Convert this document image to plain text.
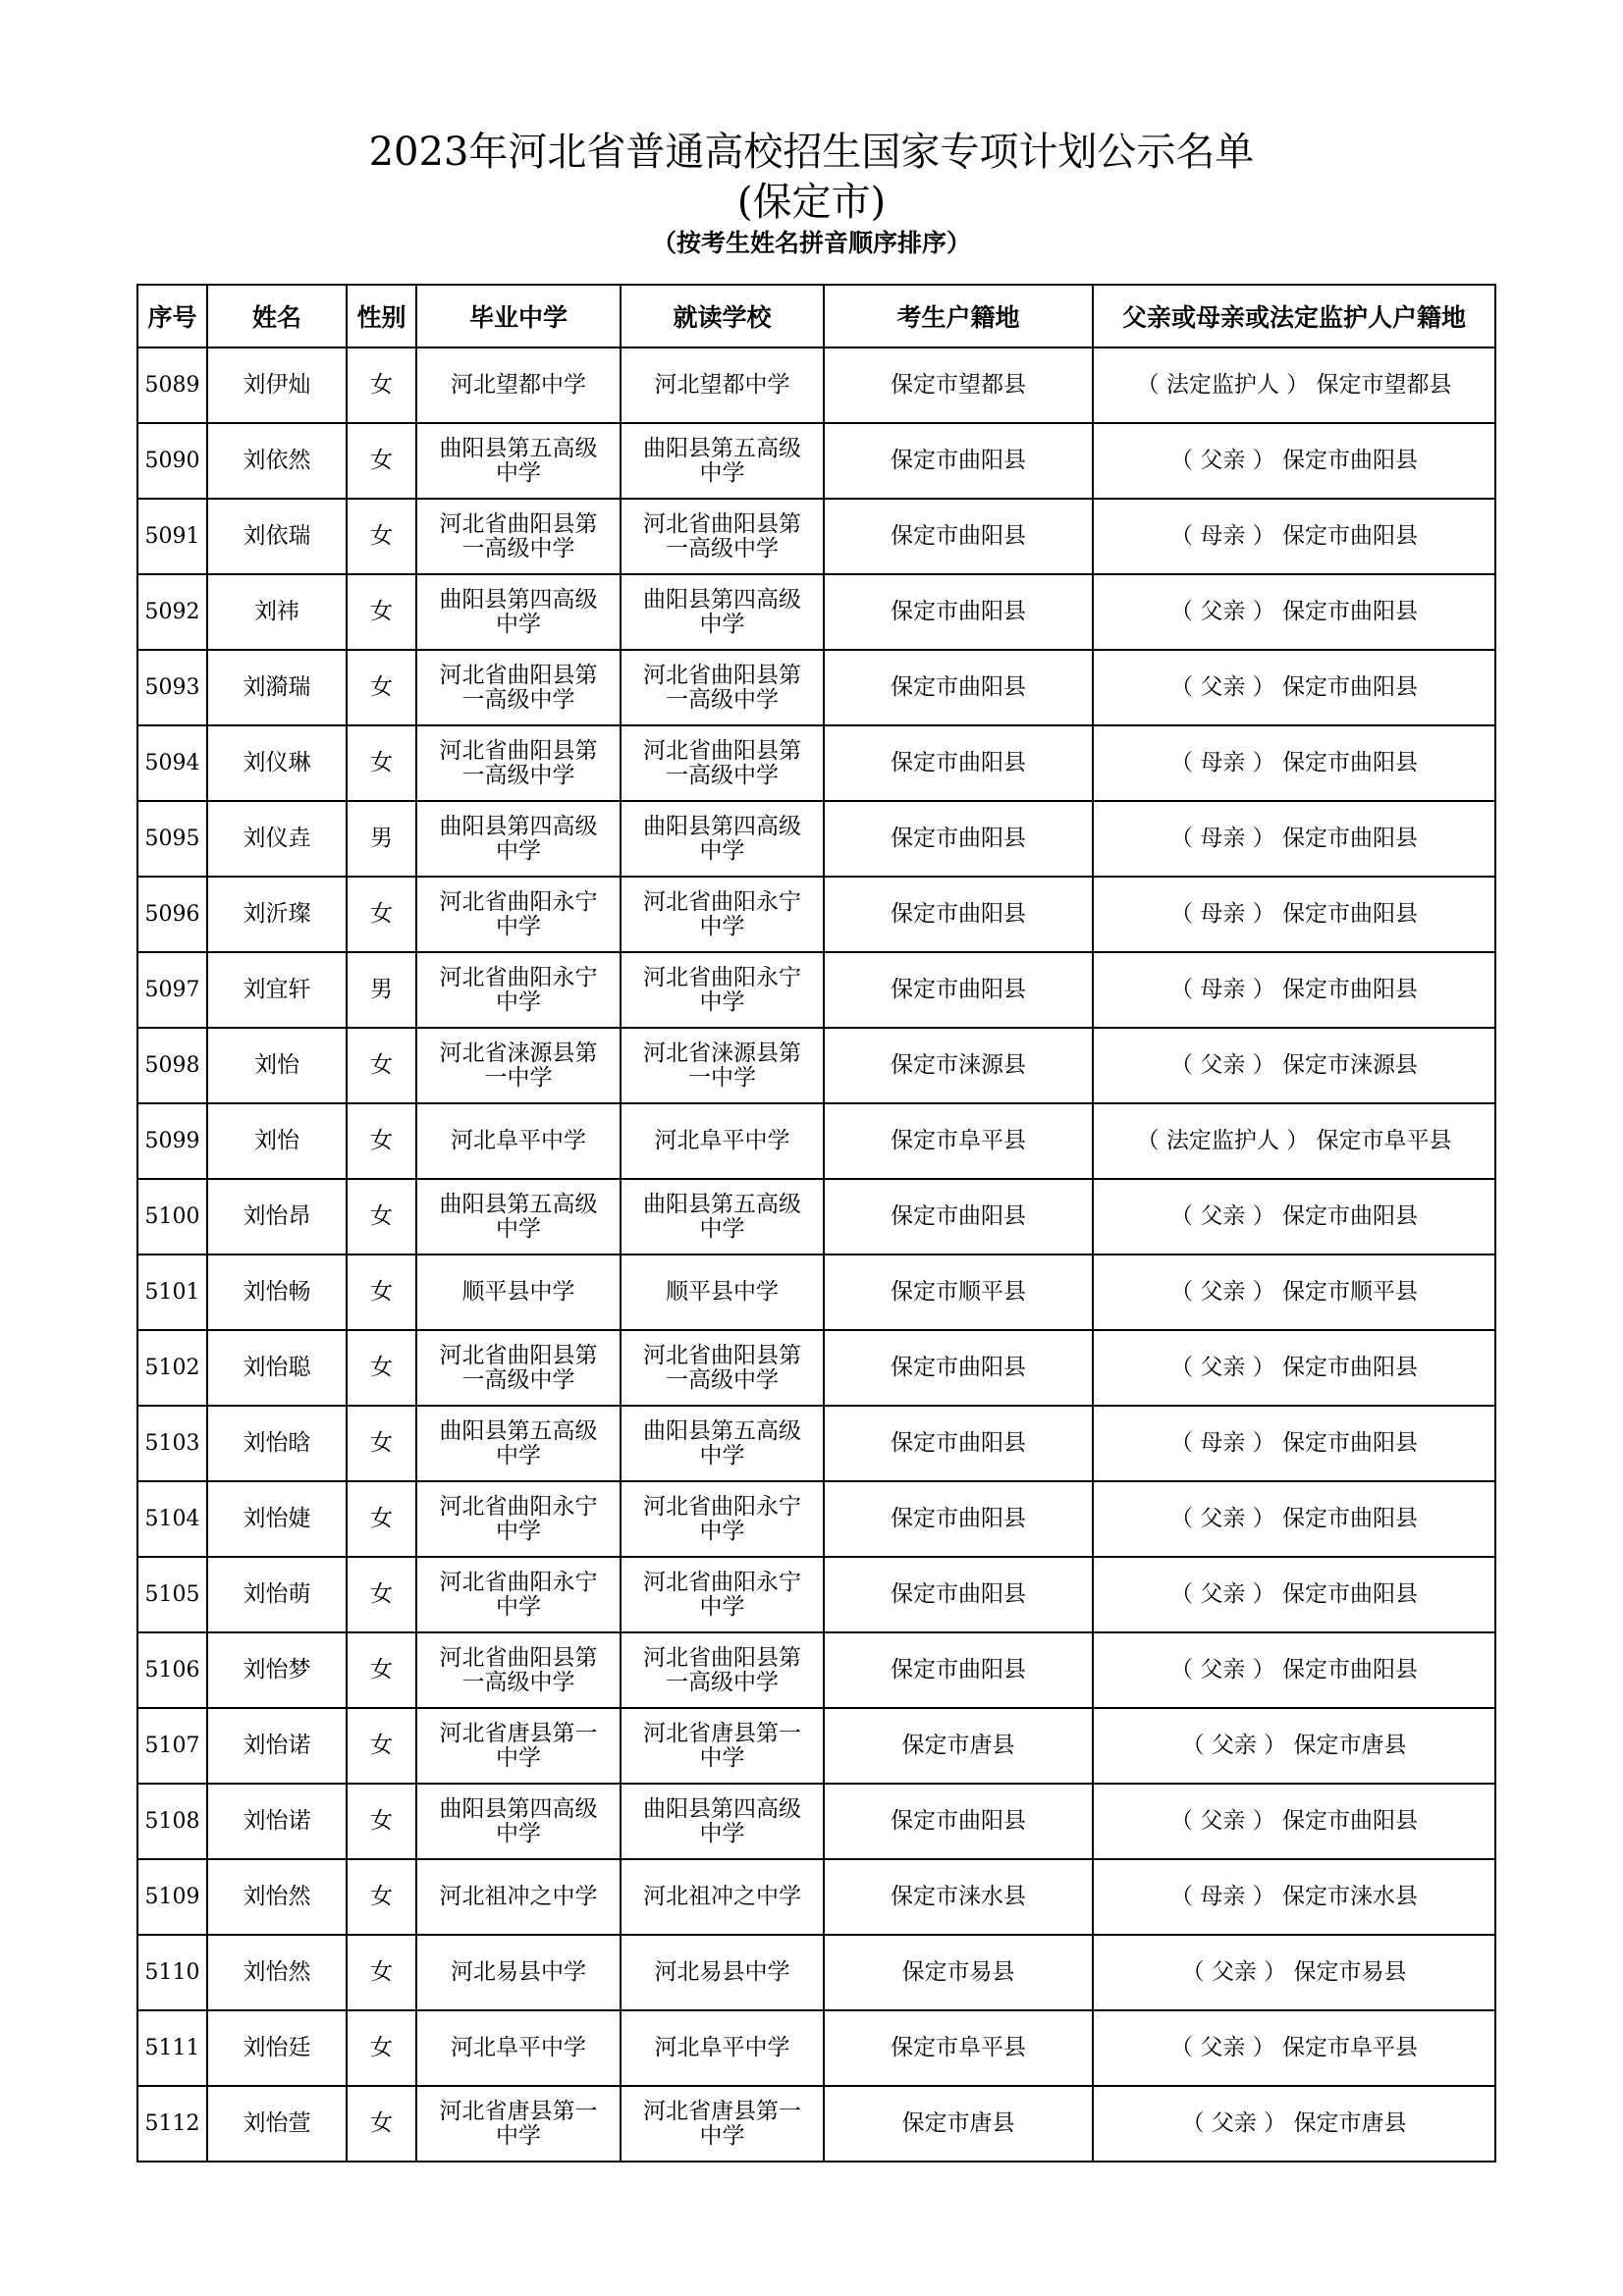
2023年河北省普通高校招生国家专项计划公示名单
(保定市)
（按考生姓名拼音顺序排序）
序号	姓名	性别	毕业中学	就读学校	考生户籍地	父亲或母亲或法定监护人户籍地
5089	刘伊灿	女	河北望都中学	河北望都中学	保定市望都县	（ 法定监护人 ） 保定市望都县
5090	刘依然	女	曲阳县第五高级中学	曲阳县第五高级中学	保定市曲阳县	（ 父亲 ） 保定市曲阳县
5091	刘依瑞	女	河北省曲阳县第一高级中学	河北省曲阳县第一高级中学	保定市曲阳县	（ 母亲 ） 保定市曲阳县
5092	刘祎	女	曲阳县第四高级中学	曲阳县第四高级中学	保定市曲阳县	（ 父亲 ） 保定市曲阳县
5093	刘漪瑞	女	河北省曲阳县第一高级中学	河北省曲阳县第一高级中学	保定市曲阳县	（ 父亲 ） 保定市曲阳县
5094	刘仪琳	女	河北省曲阳县第一高级中学	河北省曲阳县第一高级中学	保定市曲阳县	（ 母亲 ） 保定市曲阳县
5095	刘仪垚	男	曲阳县第四高级中学	曲阳县第四高级中学	保定市曲阳县	（ 母亲 ） 保定市曲阳县
5096	刘沂璨	女	河北省曲阳永宁中学	河北省曲阳永宁中学	保定市曲阳县	（ 母亲 ） 保定市曲阳县
5097	刘宜轩	男	河北省曲阳永宁中学	河北省曲阳永宁中学	保定市曲阳县	（ 母亲 ） 保定市曲阳县
5098	刘怡	女	河北省涞源县第一中学	河北省涞源县第一中学	保定市涞源县	（ 父亲 ） 保定市涞源县
5099	刘怡	女	河北阜平中学	河北阜平中学	保定市阜平县	（ 法定监护人 ） 保定市阜平县
5100	刘怡昂	女	曲阳县第五高级中学	曲阳县第五高级中学	保定市曲阳县	（ 父亲 ） 保定市曲阳县
5101	刘怡畅	女	顺平县中学	顺平县中学	保定市顺平县	（ 父亲 ） 保定市顺平县
5102	刘怡聪	女	河北省曲阳县第一高级中学	河北省曲阳县第一高级中学	保定市曲阳县	（ 父亲 ） 保定市曲阳县
5103	刘怡晗	女	曲阳县第五高级中学	曲阳县第五高级中学	保定市曲阳县	（ 母亲 ） 保定市曲阳县
5104	刘怡婕	女	河北省曲阳永宁中学	河北省曲阳永宁中学	保定市曲阳县	（ 父亲 ） 保定市曲阳县
5105	刘怡萌	女	河北省曲阳永宁中学	河北省曲阳永宁中学	保定市曲阳县	（ 父亲 ） 保定市曲阳县
5106	刘怡梦	女	河北省曲阳县第一高级中学	河北省曲阳县第一高级中学	保定市曲阳县	（ 父亲 ） 保定市曲阳县
5107	刘怡诺	女	河北省唐县第一中学	河北省唐县第一中学	保定市唐县	（ 父亲 ） 保定市唐县
5108	刘怡诺	女	曲阳县第四高级中学	曲阳县第四高级中学	保定市曲阳县	（ 父亲 ） 保定市曲阳县
5109	刘怡然	女	河北祖冲之中学	河北祖冲之中学	保定市涞水县	（ 母亲 ） 保定市涞水县
5110	刘怡然	女	河北易县中学	河北易县中学	保定市易县	（ 父亲 ） 保定市易县
5111	刘怡廷	女	河北阜平中学	河北阜平中学	保定市阜平县	（ 父亲 ） 保定市阜平县
5112	刘怡萱	女	河北省唐县第一中学	河北省唐县第一中学	保定市唐县	（ 父亲 ） 保定市唐县
